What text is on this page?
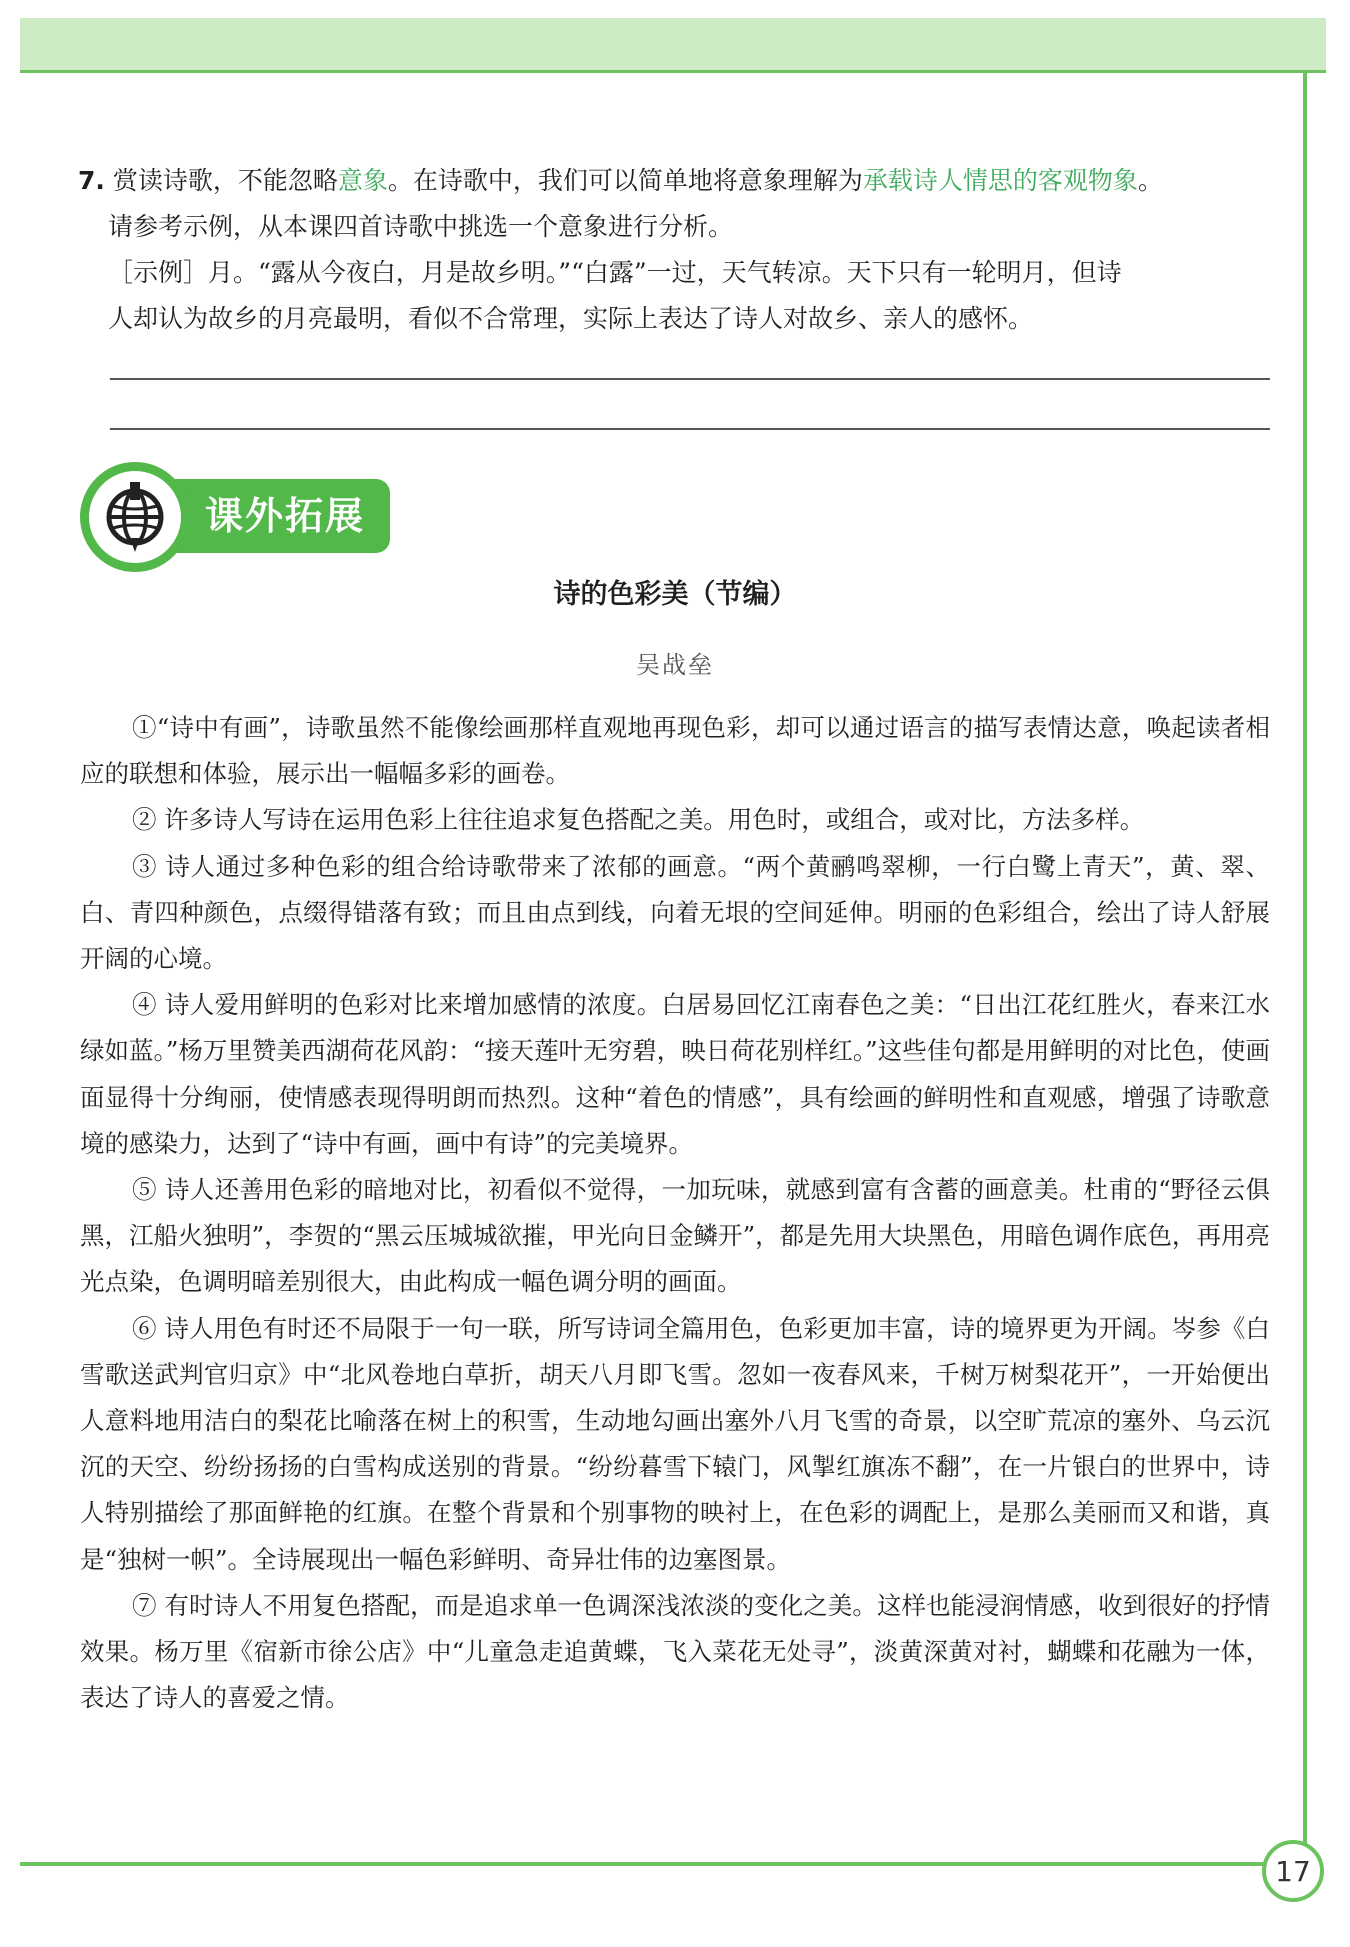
17

7. 赏读诗歌，不能忽略意象。在诗歌中，我们可以简单地将意象理解为承载诗人情思的客观物象。

请参考示例，从本课四首诗歌中挑选一个意象进行分析。

［示例］月。“露从今夜白，月是故乡明。”“白露”一过，天气转凉。天下只有一轮明月，但诗

人却认为故乡的月亮最明，看似不合常理，实际上表达了诗人对故乡、亲人的感怀。

课外拓展
诗的色彩美（节编）
吴战垒

①“诗中有画”，诗歌虽然不能像绘画那样直观地再现色彩，却可以通过语言的描写表情达意，唤起读者相应的联想和体验，展示出一幅幅多彩的画卷。

② 许多诗人写诗在运用色彩上往往追求复色搭配之美。用色时，或组合，或对比，方法多样。

③ 诗人通过多种色彩的组合给诗歌带来了浓郁的画意。“两个黄鹂鸣翠柳，一行白鹭上青天”，黄、翠、白、青四种颜色，点缀得错落有致；而且由点到线，向着无垠的空间延伸。明丽的色彩组合，绘出了诗人舒展开阔的心境。

④ 诗人爱用鲜明的色彩对比来增加感情的浓度。白居易回忆江南春色之美：“日出江花红胜火，春来江水绿如蓝。”杨万里赞美西湖荷花风韵：“接天莲叶无穷碧，映日荷花别样红。”这些佳句都是用鲜明的对比色，使画面显得十分绚丽，使情感表现得明朗而热烈。这种“着色的情感”，具有绘画的鲜明性和直观感，增强了诗歌意境的感染力，达到了“诗中有画，画中有诗”的完美境界。

⑤ 诗人还善用色彩的暗地对比，初看似不觉得，一加玩味，就感到富有含蓄的画意美。杜甫的“野径云俱黑，江船火独明”，李贺的“黑云压城城欲摧，甲光向日金鳞开”，都是先用大块黑色，用暗色调作底色，再用亮光点染，色调明暗差别很大，由此构成一幅色调分明的画面。

⑥ 诗人用色有时还不局限于一句一联，所写诗词全篇用色，色彩更加丰富，诗的境界更为开阔。岑参《白雪歌送武判官归京》中“北风卷地白草折，胡天八月即飞雪。忽如一夜春风来，千树万树梨花开”，一开始便出人意料地用洁白的梨花比喻落在树上的积雪，生动地勾画出塞外八月飞雪的奇景，以空旷荒凉的塞外、乌云沉沉的天空、纷纷扬扬的白雪构成送别的背景。“纷纷暮雪下辕门，风掣红旗冻不翻”，在一片银白的世界中，诗人特别描绘了那面鲜艳的红旗。在整个背景和个别事物的映衬上，在色彩的调配上，是那么美丽而又和谐，真是“独树一帜”。全诗展现出一幅色彩鲜明、奇异壮伟的边塞图景。

⑦ 有时诗人不用复色搭配，而是追求单一色调深浅浓淡的变化之美。这样也能浸润情感，收到很好的抒情效果。杨万里《宿新市徐公店》中“儿童急走追黄蝶，飞入菜花无处寻”，淡黄深黄对衬，蝴蝶和花融为一体，表达了诗人的喜爱之情。
